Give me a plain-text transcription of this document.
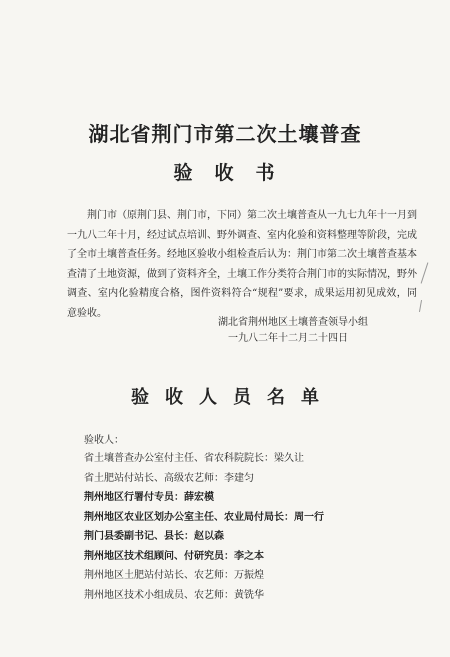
湖北省荆门市第二次土壤普查
验收书
荆门市（原荆门县、荆门市，下同）第二次土壤普查从一九七九年十一月到一九八二年十月，经过试点培训、野外调查、室内化验和资料整理等阶段，完成了全市土壤普查任务。经地区验收小组检查后认为：荆门市第二次土壤普查基本查清了土地资源，做到了资料齐全，土壤工作分类符合荆门市的实际情况，野外调查、室内化验精度合格，图件资料符合“规程”要求，成果运用初见成效，同意验收。
湖北省荆州地区土壤普查领导小组
一九八二年十二月二十四日
验收人员名单
验收人：
省土壤普查办公室付主任、省农科院院长：梁久让
省土肥站付站长、高级农艺师：李建匀
荆州地区行署付专员：薛宏模
荆州地区农业区划办公室主任、农业局付局长：周一行
荆门县委副书记、县长：赵以森
荆州地区技术组顾问、付研究员：李之本
荆州地区土肥站付站长、农艺师：万振煌
荆州地区技术小组成员、农艺师：黄铣华
